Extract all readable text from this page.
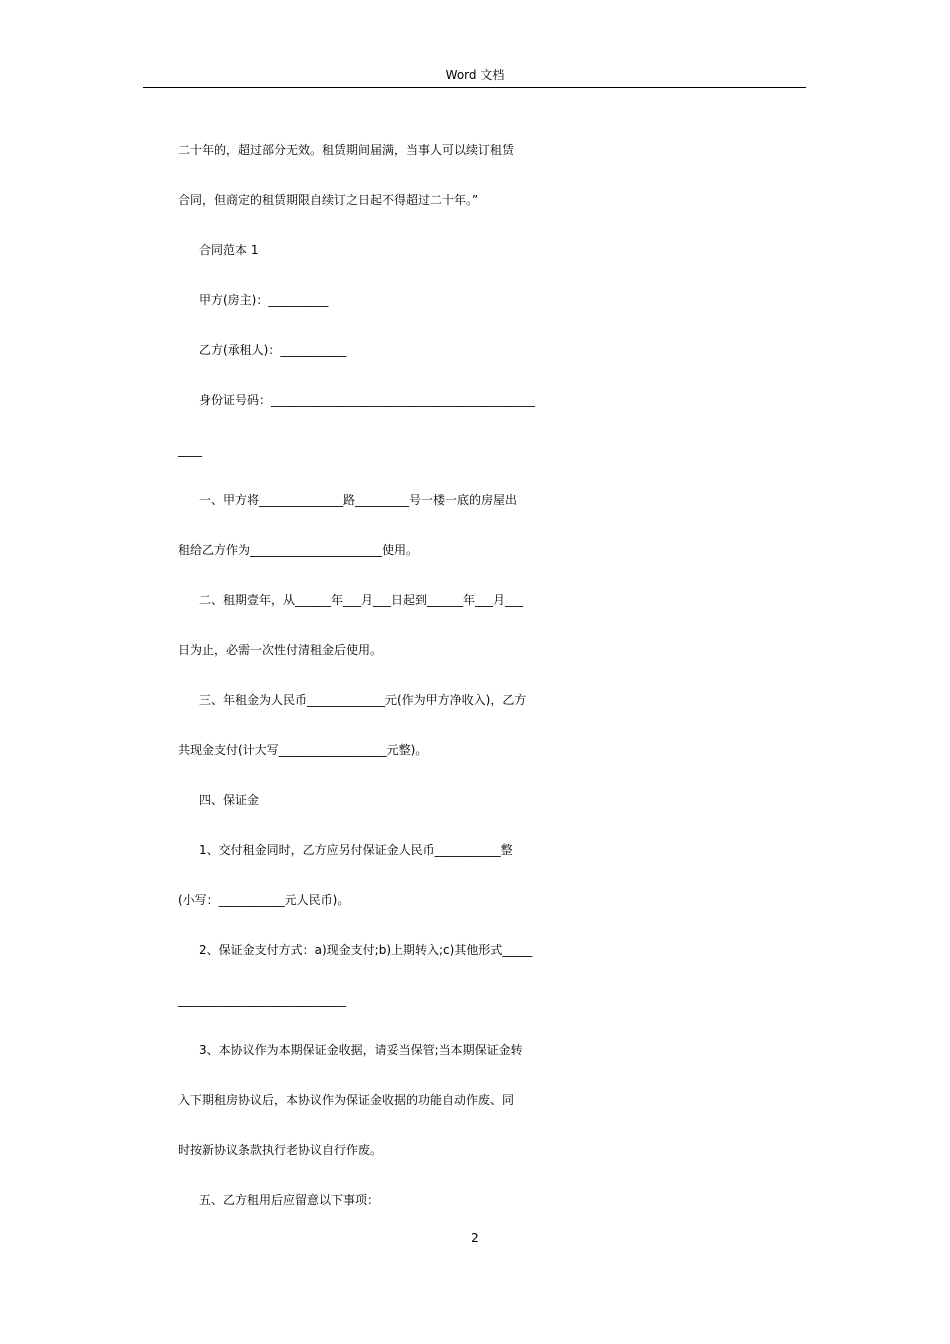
Word 文档
二十年的，超过部分无效。租赁期间届满，当事人可以续订租赁
合同，但商定的租赁期限自续订之日起不得超过二十年。”
合同范本 1
甲方(房主)：__________
乙方(承租人)：___________
身份证号码：____________________________________________
____
一、甲方将______________路_________号一楼一底的房屋出
租给乙方作为______________________使用。
二、租期壹年，从______年___月___日起到______年___月___
日为止，必需一次性付清租金后使用。
三、年租金为人民币_____________元(作为甲方净收入)，乙方
共现金支付(计大写__________________元整)。
四、保证金
1、交付租金同时，乙方应另付保证金人民币___________整
(小写：___________元人民币)。
2、保证金支付方式：a)现金支付;b)上期转入;c)其他形式_____
____________________________
3、本协议作为本期保证金收据，请妥当保管;当本期保证金转
入下期租房协议后，本协议作为保证金收据的功能自动作废、同
时按新协议条款执行老协议自行作废。
五、乙方租用后应留意以下事项：
2
